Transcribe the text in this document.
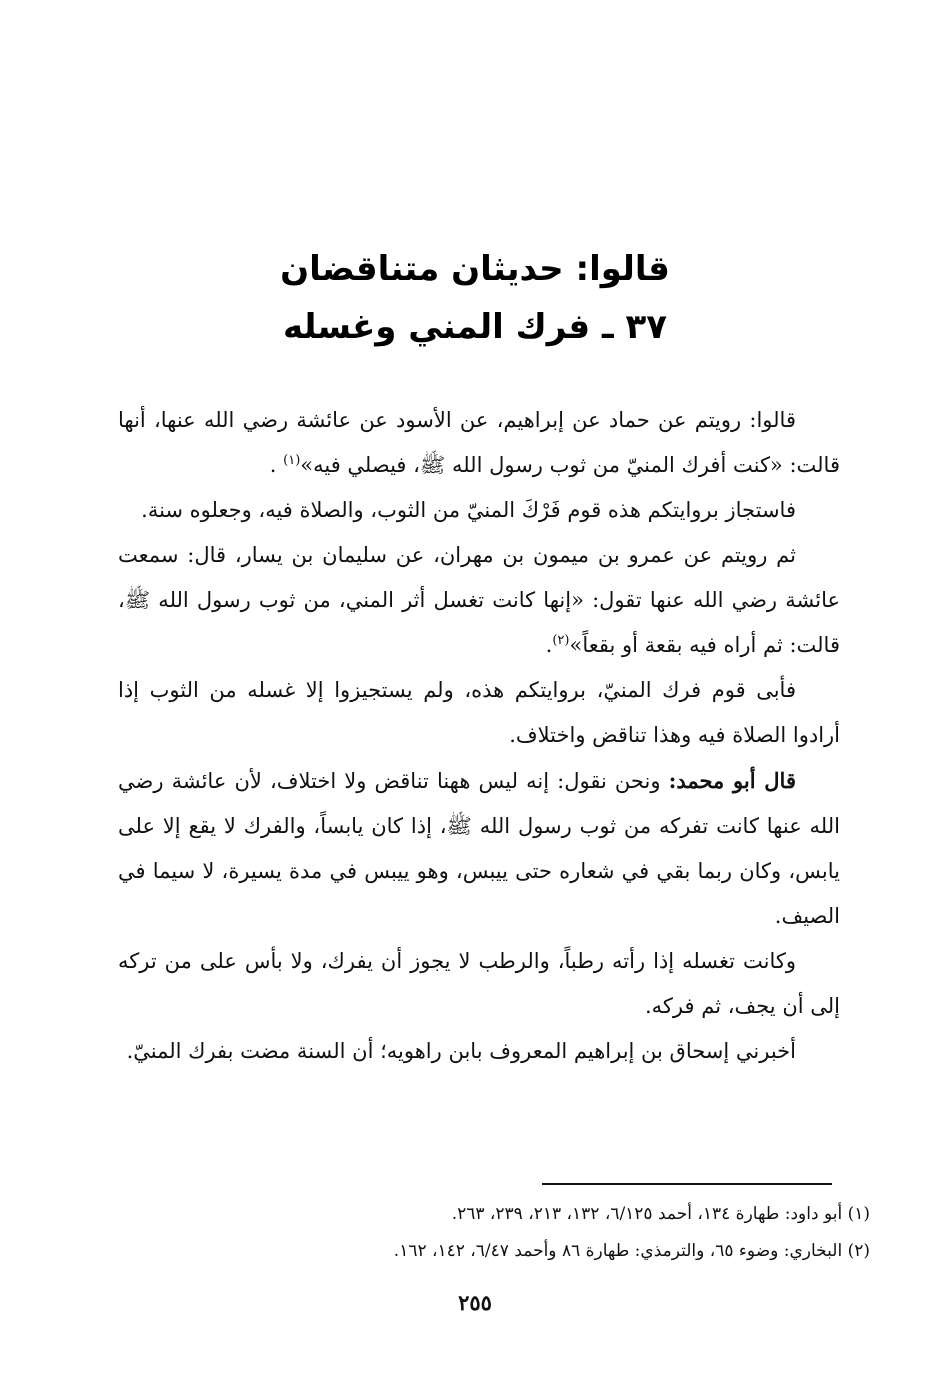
قالوا: حديثان متناقضان
٣٧ ـ فرك المني وغسله

قالوا: رويتم عن حماد عن إبراهيم، عن الأسود عن عائشة رضي الله عنها، أنها قالت: «كنت أفرك المنيّ من ثوب رسول الله ﷺ، فيصلي فيه»$^{(١)}$ .

فاستجاز بروايتكم هذه قوم فَرْكَ المنيّ من الثوب، والصلاة فيه، وجعلوه سنة.

ثم رويتم عن عمرو بن ميمون بن مهران، عن سليمان بن يسار، قال: سمعت عائشة رضي الله عنها تقول: «إنها كانت تغسل أثر المني، من ثوب رسول الله ﷺ، قالت: ثم أراه فيه بقعة أو بقعاً»$^{(٢)}$.

فأبى قوم فرك المنيّ، بروايتكم هذه، ولم يستجيزوا إلا غسله من الثوب إذا أرادوا الصلاة فيه وهذا تناقض واختلاف.

قال أبو محمد: ونحن نقول: إنه ليس ههنا تناقض ولا اختلاف، لأن عائشة رضي الله عنها كانت تفركه من ثوب رسول الله ﷺ، إذا كان يابساً، والفرك لا يقع إلا على يابس، وكان ربما بقي في شعاره حتى ييبس، وهو ييبس في مدة يسيرة، لا سيما في الصيف.

وكانت تغسله إذا رأته رطباً، والرطب لا يجوز أن يفرك، ولا بأس على من تركه إلى أن يجف، ثم فركه.

أخبرني إسحاق بن إبراهيم المعروف بابن راهويه؛ أن السنة مضت بفرك المنيّ.

(١) أبو داود: طهارة ١٣٤، أحمد ٦/١٢٥، ١٣٢، ٢١٣، ٢٣٩، ٢٦٣.

(٢) البخاري: وضوء ٦٥، والترمذي: طهارة ٨٦ وأحمد ٦/٤٧، ١٤٢، ١٦٢.

٢٥٥
